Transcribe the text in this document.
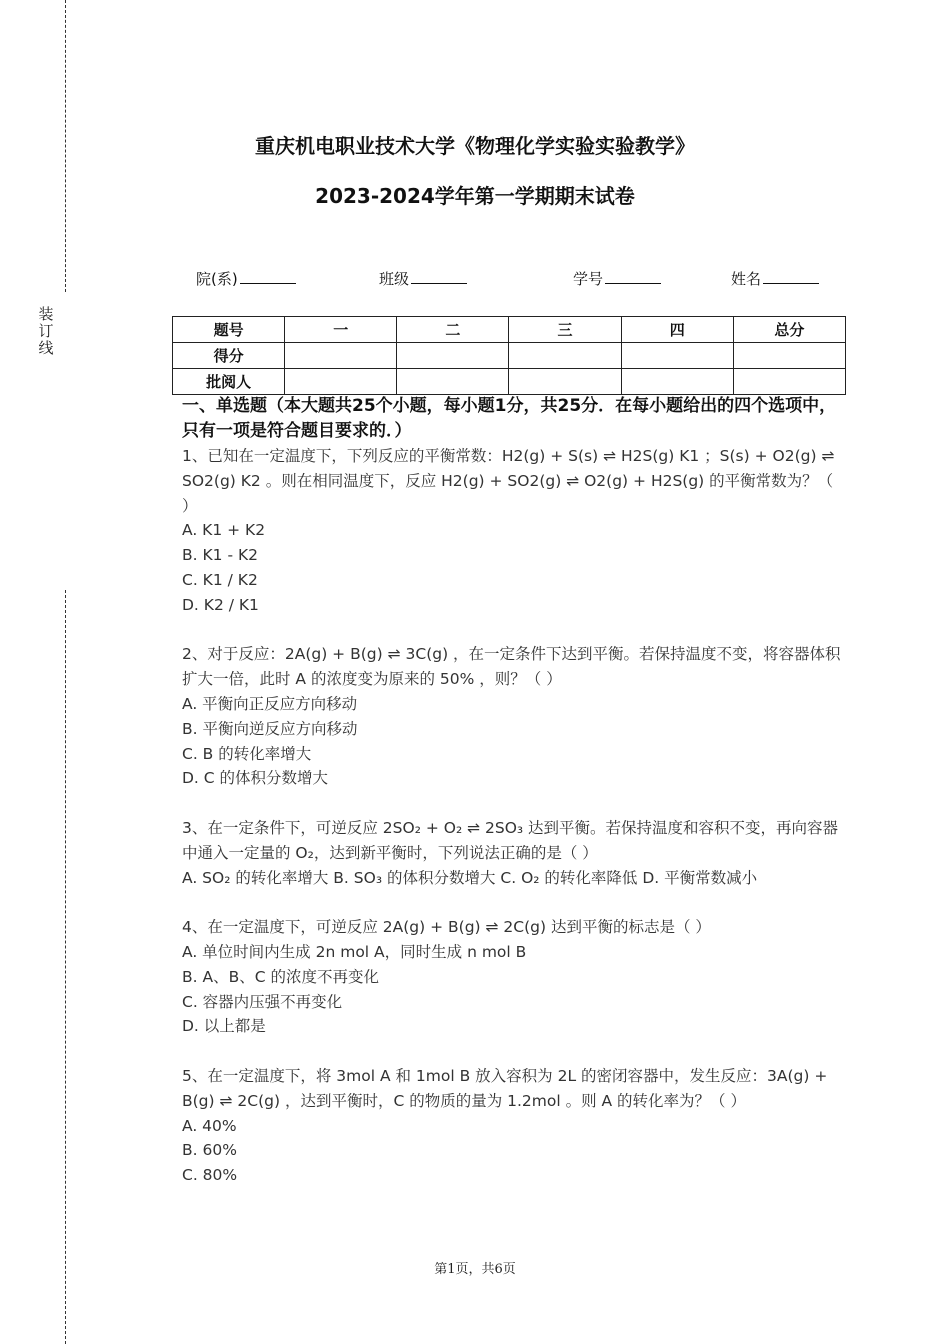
装
订
线
重庆机电职业技术大学《物理化学实验实验教学》
2023-2024学年第一学期期末试卷
院(系)	班级	学号	姓名
题号	一	二	三	四	总分
得分					
批阅人					
一、单选题（本大题共25个小题，每小题1分，共25分．在每小题给出的四个选项中，只有一项是符合题目要求的．）

1、已知在一定温度下，下列反应的平衡常数：H2(g) + S(s) ⇌ H2S(g) K1 ；S(s) + O2(g) ⇌ SO2(g) K2 。则在相同温度下，反应 H2(g) + SO2(g) ⇌ O2(g) + H2S(g) 的平衡常数为？（ ）

A. K1 + K2

B. K1 - K2

C. K1 / K2

D. K2 / K1

2、对于反应：2A(g) + B(g) ⇌ 3C(g) ，在一定条件下达到平衡。若保持温度不变，将容器体积扩大一倍，此时 A 的浓度变为原来的 50% ，则？（ ）

A. 平衡向正反应方向移动

B. 平衡向逆反应方向移动

C. B 的转化率增大

D. C 的体积分数增大

3、在一定条件下，可逆反应 2SO₂ + O₂ ⇌ 2SO₃ 达到平衡。若保持温度和容积不变，再向容器中通入一定量的 O₂，达到新平衡时，下列说法正确的是（ ）

A. SO₂ 的转化率增大 B. SO₃ 的体积分数增大 C. O₂ 的转化率降低 D. 平衡常数减小

4、在一定温度下，可逆反应 2A(g) + B(g) ⇌ 2C(g) 达到平衡的标志是（ ）

A. 单位时间内生成 2n mol A，同时生成 n mol B

B. A、B、C 的浓度不再变化

C. 容器内压强不再变化

D. 以上都是

5、在一定温度下，将 3mol A 和 1mol B 放入容积为 2L 的密闭容器中，发生反应：3A(g) + B(g) ⇌ 2C(g) ，达到平衡时，C 的物质的量为 1.2mol 。则 A 的转化率为？（ ）

A. 40%

B. 60%

C. 80%

第1页，共6页
